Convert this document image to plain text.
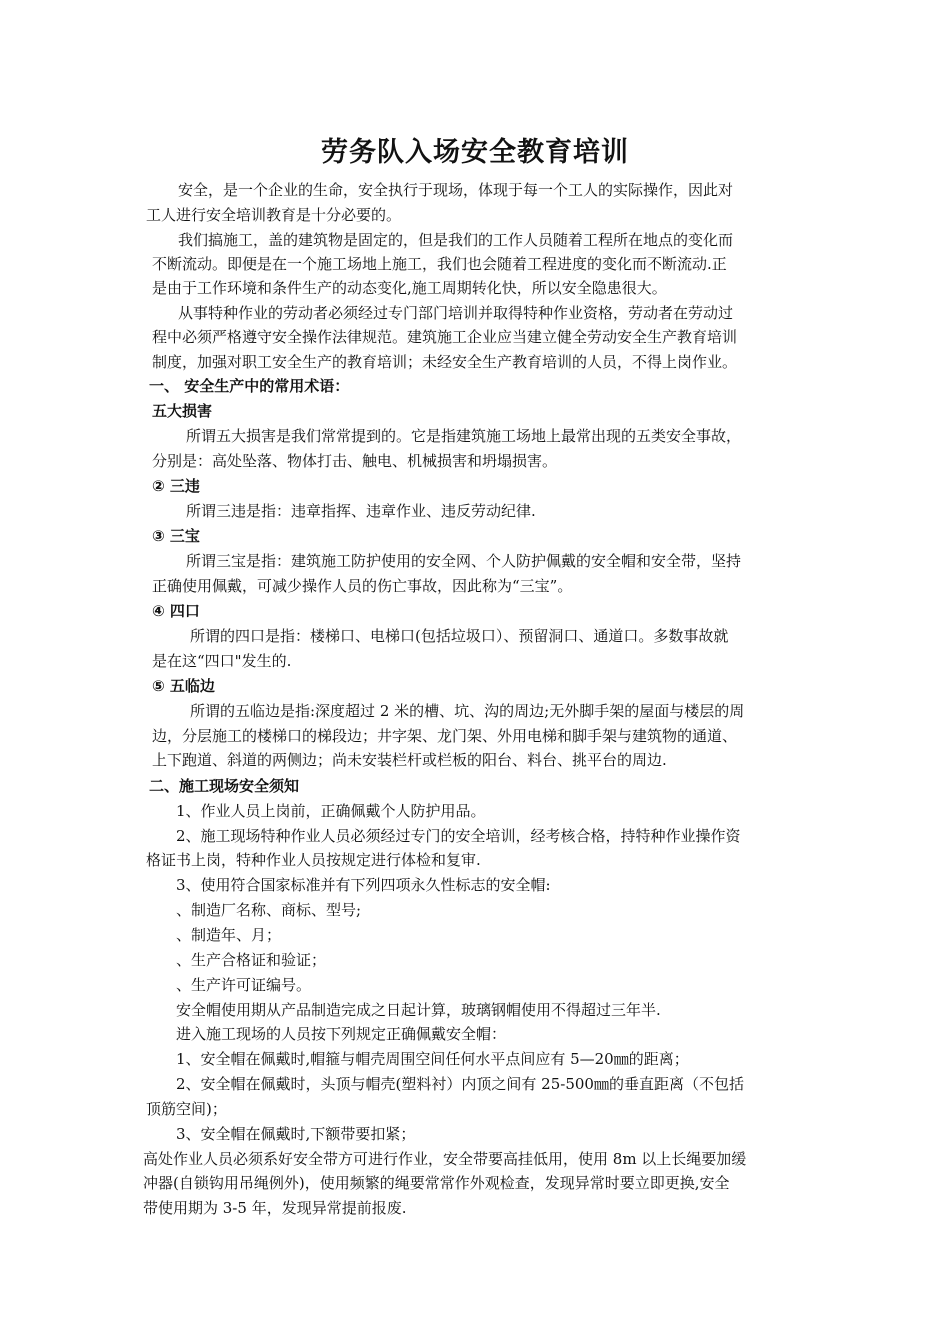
劳务队入场安全教育培训
安全，是一个企业的生命，安全执行于现场，体现于每一个工人的实际操作，因此对
工人进行安全培训教育是十分必要的。
我们搞施工，盖的建筑物是固定的，但是我们的工作人员随着工程所在地点的变化而
不断流动。即便是在一个施工场地上施工，我们也会随着工程进度的变化而不断流动.正
是由于工作环境和条件生产的动态变化,施工周期转化快，所以安全隐患很大。
从事特种作业的劳动者必须经过专门部门培训并取得特种作业资格，劳动者在劳动过
程中必须严格遵守安全操作法律规范。建筑施工企业应当建立健全劳动安全生产教育培训
制度，加强对职工安全生产的教育培训；未经安全生产教育培训的人员，不得上岗作业。
一、 安全生产中的常用术语：
五大损害
所谓五大损害是我们常常提到的。它是指建筑施工场地上最常出现的五类安全事故，
分别是：高处坠落、物体打击、触电、机械损害和坍塌损害。
② 三违
所谓三违是指：违章指挥、违章作业、违反劳动纪律.
③ 三宝
所谓三宝是指：建筑施工防护使用的安全网、个人防护佩戴的安全帽和安全带，坚持
正确使用佩戴，可减少操作人员的伤亡事故，因此称为“三宝”。
④ 四口
所谓的四口是指：楼梯口、电梯口(包括垃圾口）、预留洞口、通道口。多数事故就
是在这“四口"发生的.
⑤ 五临边
所谓的五临边是指:深度超过 2 米的槽、坑、沟的周边;无外脚手架的屋面与楼层的周
边，分层施工的楼梯口的梯段边；井字架、龙门架、外用电梯和脚手架与建筑物的通道、
上下跑道、斜道的两侧边；尚未安装栏杆或栏板的阳台、料台、挑平台的周边.
二、施工现场安全须知
1、作业人员上岗前，正确佩戴个人防护用品。
2、施工现场特种作业人员必须经过专门的安全培训，经考核合格，持特种作业操作资
格证书上岗，特种作业人员按规定进行体检和复审.
3、使用符合国家标准并有下列四项永久性标志的安全帽:
、制造厂名称、商标、型号;
、制造年、月；
、生产合格证和验证；
、生产许可证编号。
安全帽使用期从产品制造完成之日起计算，玻璃钢帽使用不得超过三年半.
进入施工现场的人员按下列规定正确佩戴安全帽：
1、安全帽在佩戴时,帽箍与帽壳周围空间任何水平点间应有 5—20㎜的距离；
2、安全帽在佩戴时，头顶与帽壳(塑料衬）内顶之间有 25-500㎜的垂直距离（不包括
顶筋空间)；
3、安全帽在佩戴时,下额带要扣紧；
高处作业人员必须系好安全带方可进行作业，安全带要高挂低用，使用 8m 以上长绳要加缓
冲器(自锁钩用吊绳例外)，使用频繁的绳要常常作外观检查，发现异常时要立即更换,安全
带使用期为 3-5 年，发现异常提前报废.
